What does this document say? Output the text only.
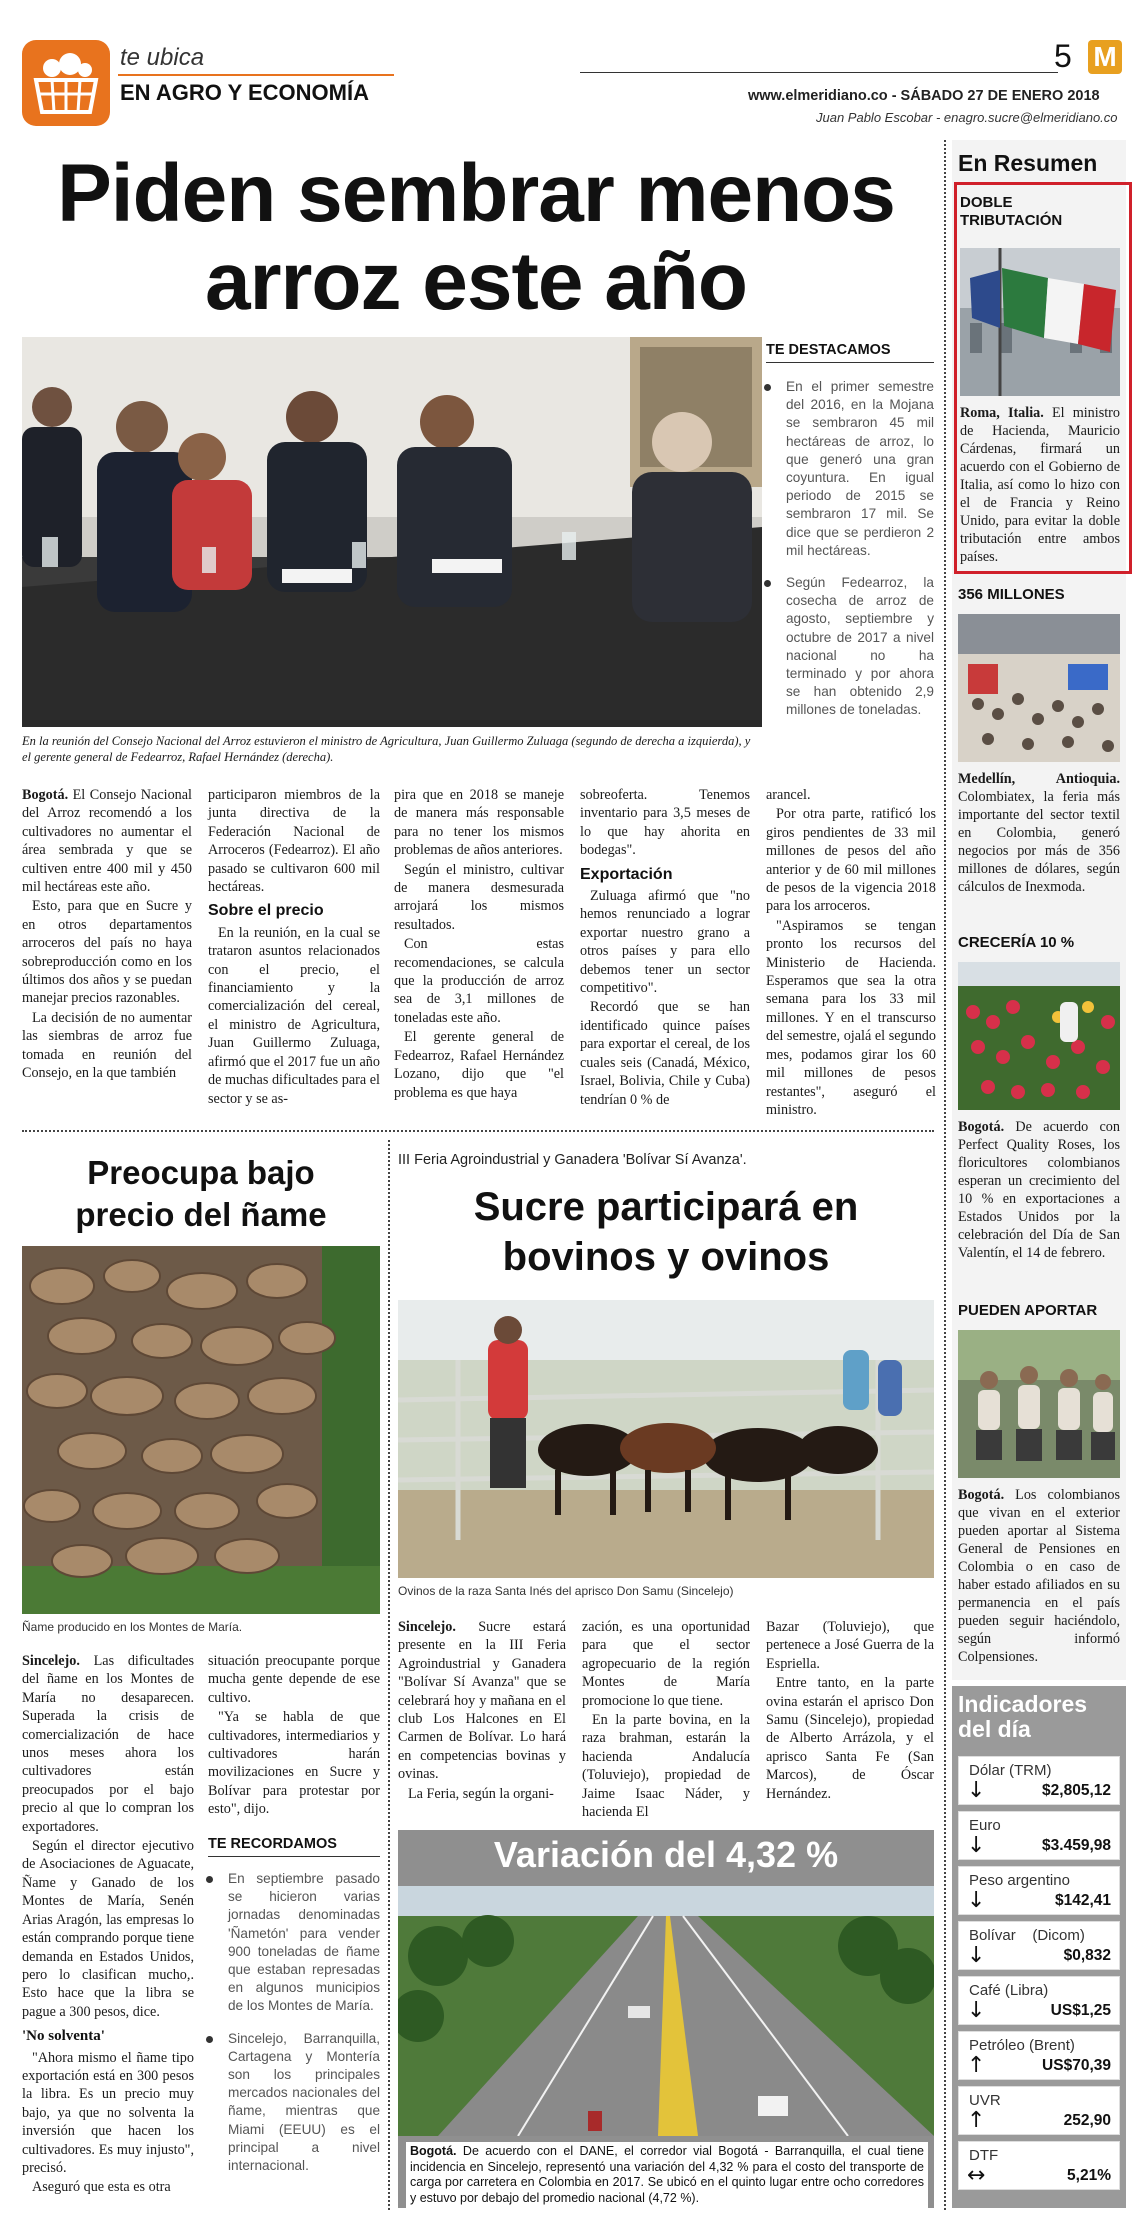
te ubica
EN AGRO Y ECONOMÍA
5 M
www.elmeridiano.co - SÁBADO 27 DE ENERO 2018
Juan Pablo Escobar - enagro.sucre@elmeridiano.co
Piden sembrar menos
arroz este año
En la reunión del Consejo Nacional del Arroz estuvieron el ministro de Agricultura, Juan Guillermo Zuluaga (segundo de derecha a izquierda), y el gerente general de Fedearroz, Rafael Hernández (derecha).
TE DESTACAMOS
En el primer semestre del 2016, en la Mojana se sembraron 45 mil hectáreas de arroz, lo que generó una gran coyuntura. En igual periodo de 2015 se sembraron 17 mil. Se dice que se perdieron 2 mil hectáreas.
Según Fedearroz, la cosecha de arroz de agosto, septiembre y octubre de 2017 a nivel nacional no ha terminado y por ahora se han obtenido 2,9 millones de toneladas.

Bogotá. El Consejo Nacional del Arroz recomendó a los cultivadores no aumentar el área sembrada y que se cultiven entre 400 mil y 450 mil hectáreas este año.

Esto, para que en Sucre y en otros departamentos arroceros del país no haya sobreproducción como en los últimos dos años y se puedan manejar precios razonables.

La decisión de no aumentar las siembras de arroz fue tomada en reunión del Consejo, en la que también

participaron miembros de la junta directiva de la Federación Nacional de Arroceros (Fedearroz). El año pasado se cultivaron 600 mil hectáreas.

Sobre el precio

En la reunión, en la cual se trataron asuntos relacionados con el precio, el financiamiento y la comercialización del cereal, el ministro de Agricultura, Juan Guillermo Zuluaga, afirmó que el 2017 fue un año de muchas dificultades para el sector y se as-

pira que en 2018 se maneje de manera más responsable para no tener los mismos problemas de años anteriores.

Según el ministro, cultivar de manera desmesurada arrojará los mismos resultados.

Con estas recomendaciones, se calcula que la producción de arroz sea de 3,1 millones de toneladas este año.

El gerente general de Fedearroz, Rafael Hernández Lozano, dijo que "el problema es que haya

sobreoferta. Tenemos inventario para 3,5 meses de lo que hay ahorita en bodegas".

Exportación

Zuluaga afirmó que "no hemos renunciado a lograr exportar nuestro grano a otros países y para ello debemos tener un sector competitivo".

Recordó que se han identificado quince países para exportar el cereal, de los cuales seis (Canadá, México, Israel, Bolivia, Chile y Cuba) tendrían 0 % de

arancel.

Por otra parte, ratificó los giros pendientes de 33 mil millones de pesos del año anterior y de 60 mil millones de pesos de la vigencia 2018 para los arroceros.

"Aspiramos se tengan pronto los recursos del Ministerio de Hacienda. Esperamos que sea la otra semana para los 33 mil millones. Y en el transcurso del semestre, ojalá el segundo mes, podamos girar los 60 mil millones de pesos restantes", aseguró el ministro.

Preocupa bajo
precio del ñame
Ñame producido en los Montes de María.

Sincelejo. Las dificultades del ñame en los Montes de María no desaparecen. Superada la crisis de comercialización de hace unos meses ahora los cultivadores están preocupados por el bajo precio al que lo compran los exportadores.

Según el director ejecutivo de Asociaciones de Aguacate, Ñame y Ganado de los Montes de María, Senén Arias Aragón, las empresas lo están comprando porque tiene demanda en Estados Unidos, pero lo clasifican mucho,. Esto hace que la libra se pague a 300 pesos, dice.

'No solventa'

"Ahora mismo el ñame tipo exportación está en 300 pesos la libra. Es un precio muy bajo, ya que no solventa la inversión que hacen los cultivadores. Es muy injusto", precisó.

Aseguró que esta es otra

situación preocupante porque mucha gente depende de ese cultivo.

"Ya se habla de que cultivadores, intermediarios y cultivadores harán movilizaciones en Sucre y Bolívar para protestar por esto", dijo.

TE RECORDAMOS
En septiembre pasado se hicieron varias jornadas denominadas 'Ñametón' para vender 900 toneladas de ñame que estaban represadas en algunos municipios de los Montes de María.
Sincelejo, Barranquilla, Cartagena y Montería son los principales mercados nacionales del ñame, mientras que Miami (EEUU) es el principal a nivel internacional.
III Feria Agroindustrial y Ganadera 'Bolívar Sí Avanza'.
Sucre participará en
bovinos y ovinos
Ovinos de la raza Santa Inés del aprisco Don Samu (Sincelejo)

Sincelejo. Sucre estará presente en la III Feria Agroindustrial y Ganadera "Bolívar Sí Avanza" que se celebrará hoy y mañana en el club Los Halcones en El Carmen de Bolívar. Lo hará en competencias bovinas y ovinas.

La Feria, según la organi-

zación, es una oportunidad para que el sector agropecuario de la región Montes de María promocione lo que tiene.

En la parte bovina, en la raza brahman, estarán la hacienda Andalucía (Toluviejo), propiedad de Jaime Isaac Náder, y hacienda El

Bazar (Toluviejo), que pertenece a José Guerra de la Espriella.

Entre tanto, en la parte ovina estarán el aprisco Don Samu (Sincelejo), propiedad de Alberto Arrázola, y el aprisco Santa Fe (San Marcos), de Óscar Hernández.

Variación del 4,32 %
Bogotá. De acuerdo con el DANE, el corredor vial Bogotá - Barranquilla, el cual tiene incidencia en Sincelejo, representó una variación del 4,32 % para el costo del transporte de carga por carretera en Colombia en 2017. Se ubicó en el quinto lugar entre ocho corredores y estuvo por debajo del promedio nacional (4,72 %).
En Resumen
DOBLE TRIBUTACIÓN
Roma, Italia. El ministro de Hacienda, Mauricio Cárdenas, firmará un acuerdo con el Gobierno de Italia, así como lo hizo con el de Francia y Reino Unido, para evitar la doble tributación entre ambos países.
356 MILLONES
Medellín, Antioquia. Colombiatex, la feria más importante del sector textil en Colombia, generó negocios por más de 356 millones de dólares, según cálculos de Inexmoda.
CRECERÍA 10 %
Bogotá. De acuerdo con Perfect Quality Roses, los floricultores colombianos esperan un crecimiento del 10 % en exportaciones a Estados Unidos por la celebración del Día de San Valentín, el 14 de febrero.
PUEDEN APORTAR
Bogotá. Los colombianos que vivan en el exterior pueden aportar al Sistema General de Pensiones en Colombia o en caso de haber estado afiliados en su permanencia en el país pueden seguir haciéndolo, según informó Colpensiones.
Indicadores
del día
Dólar (TRM)
↓	$2,805,12
Euro
↓	$3.459,98
Peso argentino
↓	$142,41
Bolívar    (Dicom)
↓	$0,832
Café (Libra)
↓	US$1,25
Petróleo (Brent)
↑	US$70,39
UVR
↑	252,90
DTF
↔	5,21%
